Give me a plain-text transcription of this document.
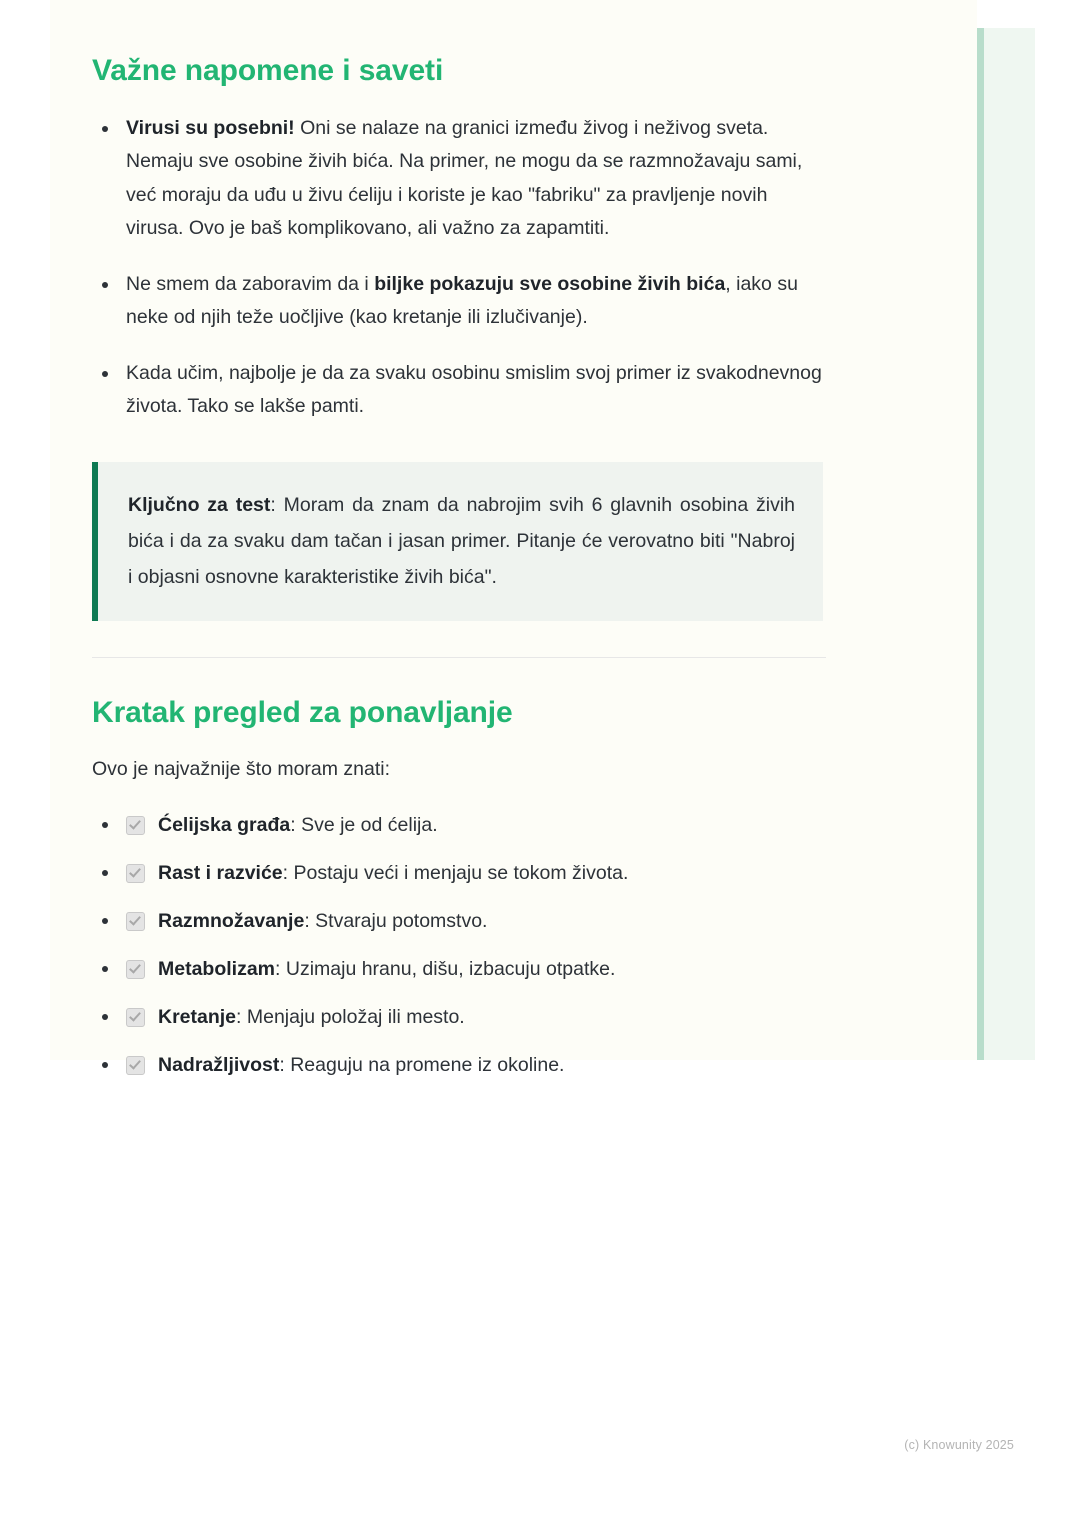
Važne napomene i saveti
Virusi su posebni! Oni se nalaze na granici između živog i neživog sveta. Nemaju sve osobine živih bića. Na primer, ne mogu da se razmnožavaju sami, već moraju da uđu u živu ćeliju i koriste je kao "fabriku" za pravljenje novih virusa. Ovo je baš komplikovano, ali važno za zapamtiti.
Ne smem da zaboravim da i biljke pokazuju sve osobine živih bića, iako su neke od njih teže uočljive (kao kretanje ili izlučivanje).
Kada učim, najbolje je da za svaku osobinu smislim svoj primer iz svakodnevnog života. Tako se lakše pamti.

Ključno za test: Moram da znam da nabrojim svih 6 glavnih osobina živih bića i da za svaku dam tačan i jasan primer. Pitanje će verovatno biti "Nabroj i objasni osnovne karakteristike živih bića".

Kratak pregled za ponavljanje

Ovo je najvažnije što moram znati:

Ćelijska građa: Sve je od ćelija.
Rast i razviće: Postaju veći i menjaju se tokom života.
Razmnožavanje: Stvaraju potomstvo.
Metabolizam: Uzimaju hranu, dišu, izbacuju otpatke.
Kretanje: Menjaju položaj ili mesto.
Nadražljivost: Reaguju na promene iz okoline.
(c) Knowunity 2025
